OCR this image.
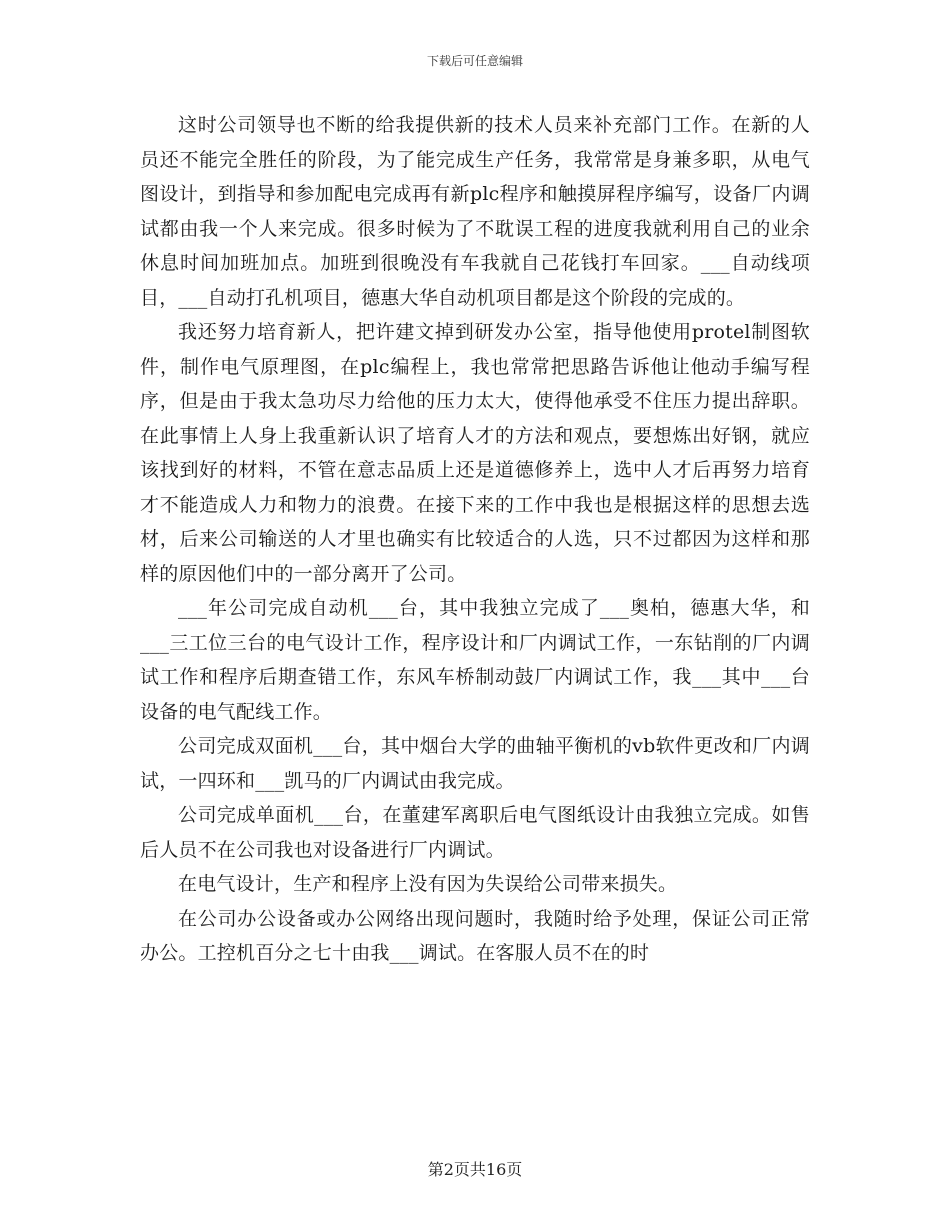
下载后可任意编辑

这时公司领导也不断的给我提供新的技术人员来补充部门工作。在新的人员还不能完全胜任的阶段，为了能完成生产任务，我常常是身兼多职，从电气图设计，到指导和参加配电完成再有新plc程序和触摸屏程序编写，设备厂内调试都由我一个人来完成。很多时候为了不耽误工程的进度我就利用自己的业余休息时间加班加点。加班到很晚没有车我就自己花钱打车回家。___自动线项目，___自动打孔机项目，德惠大华自动机项目都是这个阶段的完成的。

我还努力培育新人，把许建文掉到研发办公室，指导他使用protel制图软件，制作电气原理图，在plc编程上，我也常常把思路告诉他让他动手编写程序，但是由于我太急功尽力给他的压力太大，使得他承受不住压力提出辞职。在此事情上人身上我重新认识了培育人才的方法和观点，要想炼出好钢，就应该找到好的材料，不管在意志品质上还是道德修养上，选中人才后再努力培育才不能造成人力和物力的浪费。在接下来的工作中我也是根据这样的思想去选材，后来公司输送的人才里也确实有比较适合的人选，只不过都因为这样和那样的原因他们中的一部分离开了公司。

___年公司完成自动机___台，其中我独立完成了___奥柏，德惠大华，和___三工位三台的电气设计工作，程序设计和厂内调试工作，一东钻削的厂内调试工作和程序后期查错工作，东风车桥制动鼓厂内调试工作，我___其中___台设备的电气配线工作。

公司完成双面机___台，其中烟台大学的曲轴平衡机的vb软件更改和厂内调试，一四环和___凯马的厂内调试由我完成。

公司完成单面机___台，在董建军离职后电气图纸设计由我独立完成。如售后人员不在公司我也对设备进行厂内调试。

在电气设计，生产和程序上没有因为失误给公司带来损失。

在公司办公设备或办公网络出现问题时，我随时给予处理，保证公司正常办公。工控机百分之七十由我___调试。在客服人员不在的时

第2页共16页
